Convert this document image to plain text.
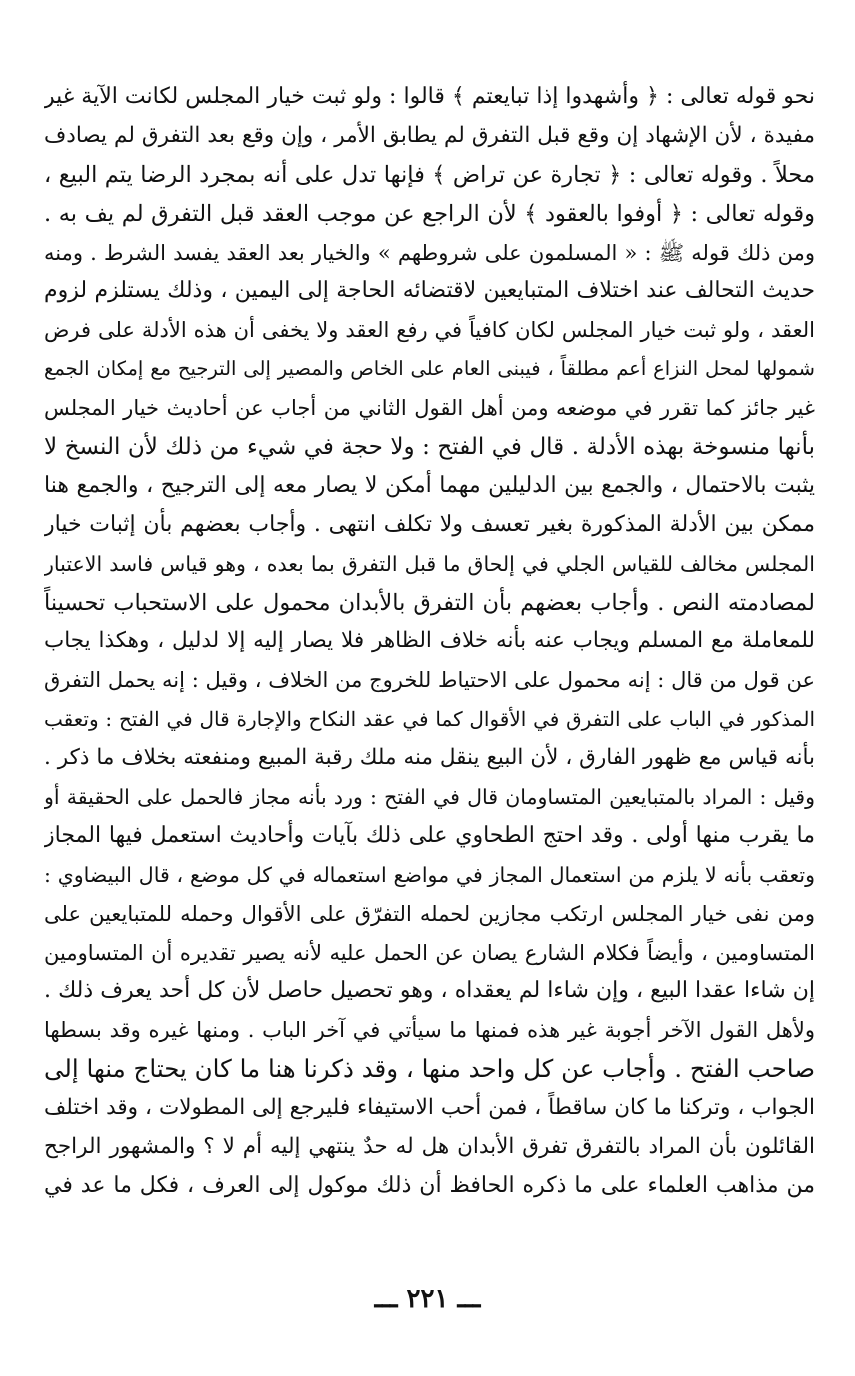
نحو قوله تعالى : ﴿ وأشهدوا إذا تبايعتم ﴾ قالوا : ولو ثبت خيار المجلس لكانت الآية غير
مفيدة ، لأن الإشهاد إن وقع قبل التفرق لم يطابق الأمر ، وإن وقع بعد التفرق لم يصادف
محلاً . وقوله تعالى : ﴿ تجارة عن تراض ﴾ فإنها تدل على أنه بمجرد الرضا يتم البيع ،
وقوله تعالى : ﴿ أوفوا بالعقود ﴾ لأن الراجع عن موجب العقد قبل التفرق لم يف به .
ومن ذلك قوله ﷺ : « المسلمون على شروطهم » والخيار بعد العقد يفسد الشرط . ومنه
حديث التحالف عند اختلاف المتبايعين لاقتضائه الحاجة إلى اليمين ، وذلك يستلزم لزوم
العقد ، ولو ثبت خيار المجلس لكان كافياً في رفع العقد ولا يخفى أن هذه الأدلة على فرض
شمولها لمحل النزاع أعم مطلقاً ، فيبنى العام على الخاص والمصير إلى الترجيح مع إمكان الجمع
غير جائز كما تقرر في موضعه ومن أهل القول الثاني من أجاب عن أحاديث خيار المجلس
بأنها منسوخة بهذه الأدلة . قال في الفتح : ولا حجة في شيء من ذلك لأن النسخ لا
يثبت بالاحتمال ، والجمع بين الدليلين مهما أمكن لا يصار معه إلى الترجيح ، والجمع هنا
ممكن بين الأدلة المذكورة بغير تعسف ولا تكلف انتهى . وأجاب بعضهم بأن إثبات خيار
المجلس مخالف للقياس الجلي في إلحاق ما قبل التفرق بما بعده ، وهو قياس فاسد الاعتبار
لمصادمته النص . وأجاب بعضهم بأن التفرق بالأبدان محمول على الاستحباب تحسيناً
للمعاملة مع المسلم ويجاب عنه بأنه خلاف الظاهر فلا يصار إليه إلا لدليل ، وهكذا يجاب
عن قول من قال : إنه محمول على الاحتياط للخروج من الخلاف ، وقيل : إنه يحمل التفرق
المذكور في الباب على التفرق في الأقوال كما في عقد النكاح والإجارة قال في الفتح : وتعقب
بأنه قياس مع ظهور الفارق ، لأن البيع ينقل منه ملك رقبة المبيع ومنفعته بخلاف ما ذكر .
وقيل : المراد بالمتبايعين المتساومان قال في الفتح : ورد بأنه مجاز فالحمل على الحقيقة أو
ما يقرب منها أولى . وقد احتج الطحاوي على ذلك بآيات وأحاديث استعمل فيها المجاز
وتعقب بأنه لا يلزم من استعمال المجاز في مواضع استعماله في كل موضع ، قال البيضاوي :
ومن نفى خيار المجلس ارتكب مجازين لحمله التفرّق على الأقوال وحمله للمتبايعين على
المتساومين ، وأيضاً فكلام الشارع يصان عن الحمل عليه لأنه يصير تقديره أن المتساومين
إن شاءا عقدا البيع ، وإن شاءا لم يعقداه ، وهو تحصيل حاصل لأن كل أحد يعرف ذلك .
ولأهل القول الآخر أجوبة غير هذه فمنها ما سيأتي في آخر الباب . ومنها غيره وقد بسطها
صاحب الفتح . وأجاب عن كل واحد منها ، وقد ذكرنا هنا ما كان يحتاج منها إلى
الجواب ، وتركنا ما كان ساقطاً ، فمن أحب الاستيفاء فليرجع إلى المطولات ، وقد اختلف
القائلون بأن المراد بالتفرق تفرق الأبدان هل له حدٌ ينتهي إليه أم لا ؟ والمشهور الراجح
من مذاهب العلماء على ما ذكره الحافظ أن ذلك موكول إلى العرف ، فكل ما عد في
ـــ ٢٢١ ـــ
